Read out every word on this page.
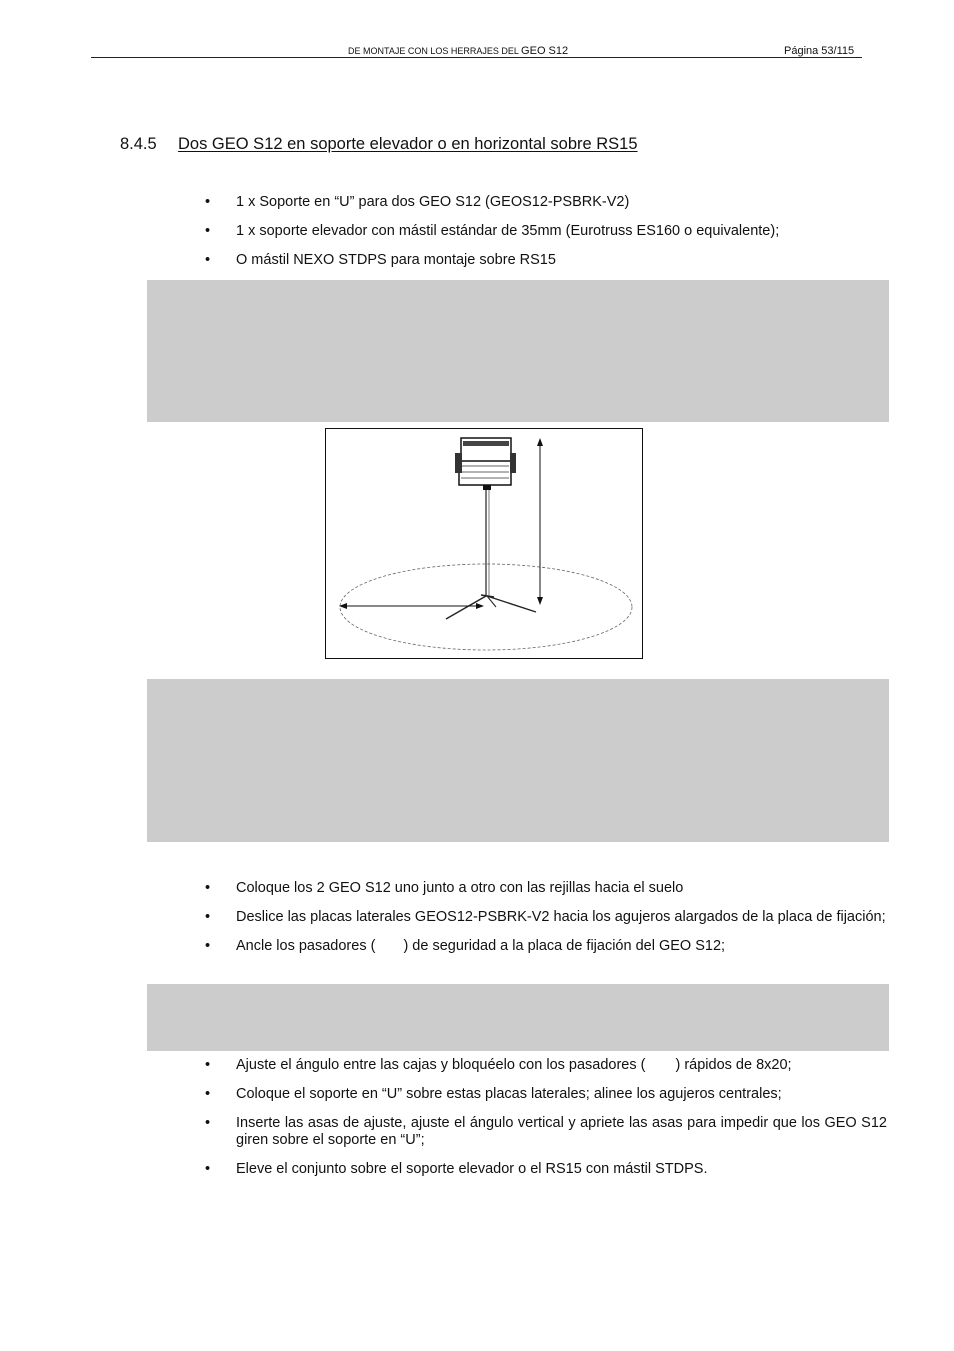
DE MONTAJE CON LOS HERRAJES DEL GEO S12	Página 53/115
8.4.5 Dos GEO S12 en soporte elevador o en horizontal sobre RS15
• 1 x Soporte en “U” para dos GEO S12 (GEOS12-PSBRK-V2)
• 1 x soporte elevador con mástil estándar de 35mm (Eurotruss ES160 o equivalente);
• O mástil NEXO STDPS para montaje sobre RS15
• Coloque los 2 GEO S12 uno junto a otro con las rejillas hacia el suelo
• Deslice las placas laterales GEOS12-PSBRK-V2 hacia los agujeros alargados de la placa de fijación;
• Ancle los pasadores ( ) de seguridad a la placa de fijación del GEO S12;
• Ajuste el ángulo entre las cajas y bloquéelo con los pasadores ( ) rápidos de 8x20;
• Coloque el soporte en “U” sobre estas placas laterales; alinee los agujeros centrales;
• Inserte las asas de ajuste, ajuste el ángulo vertical y apriete las asas para impedir que los GEO S12 giren sobre el soporte en “U”;
• Eleve el conjunto sobre el soporte elevador o el RS15 con mástil STDPS.
